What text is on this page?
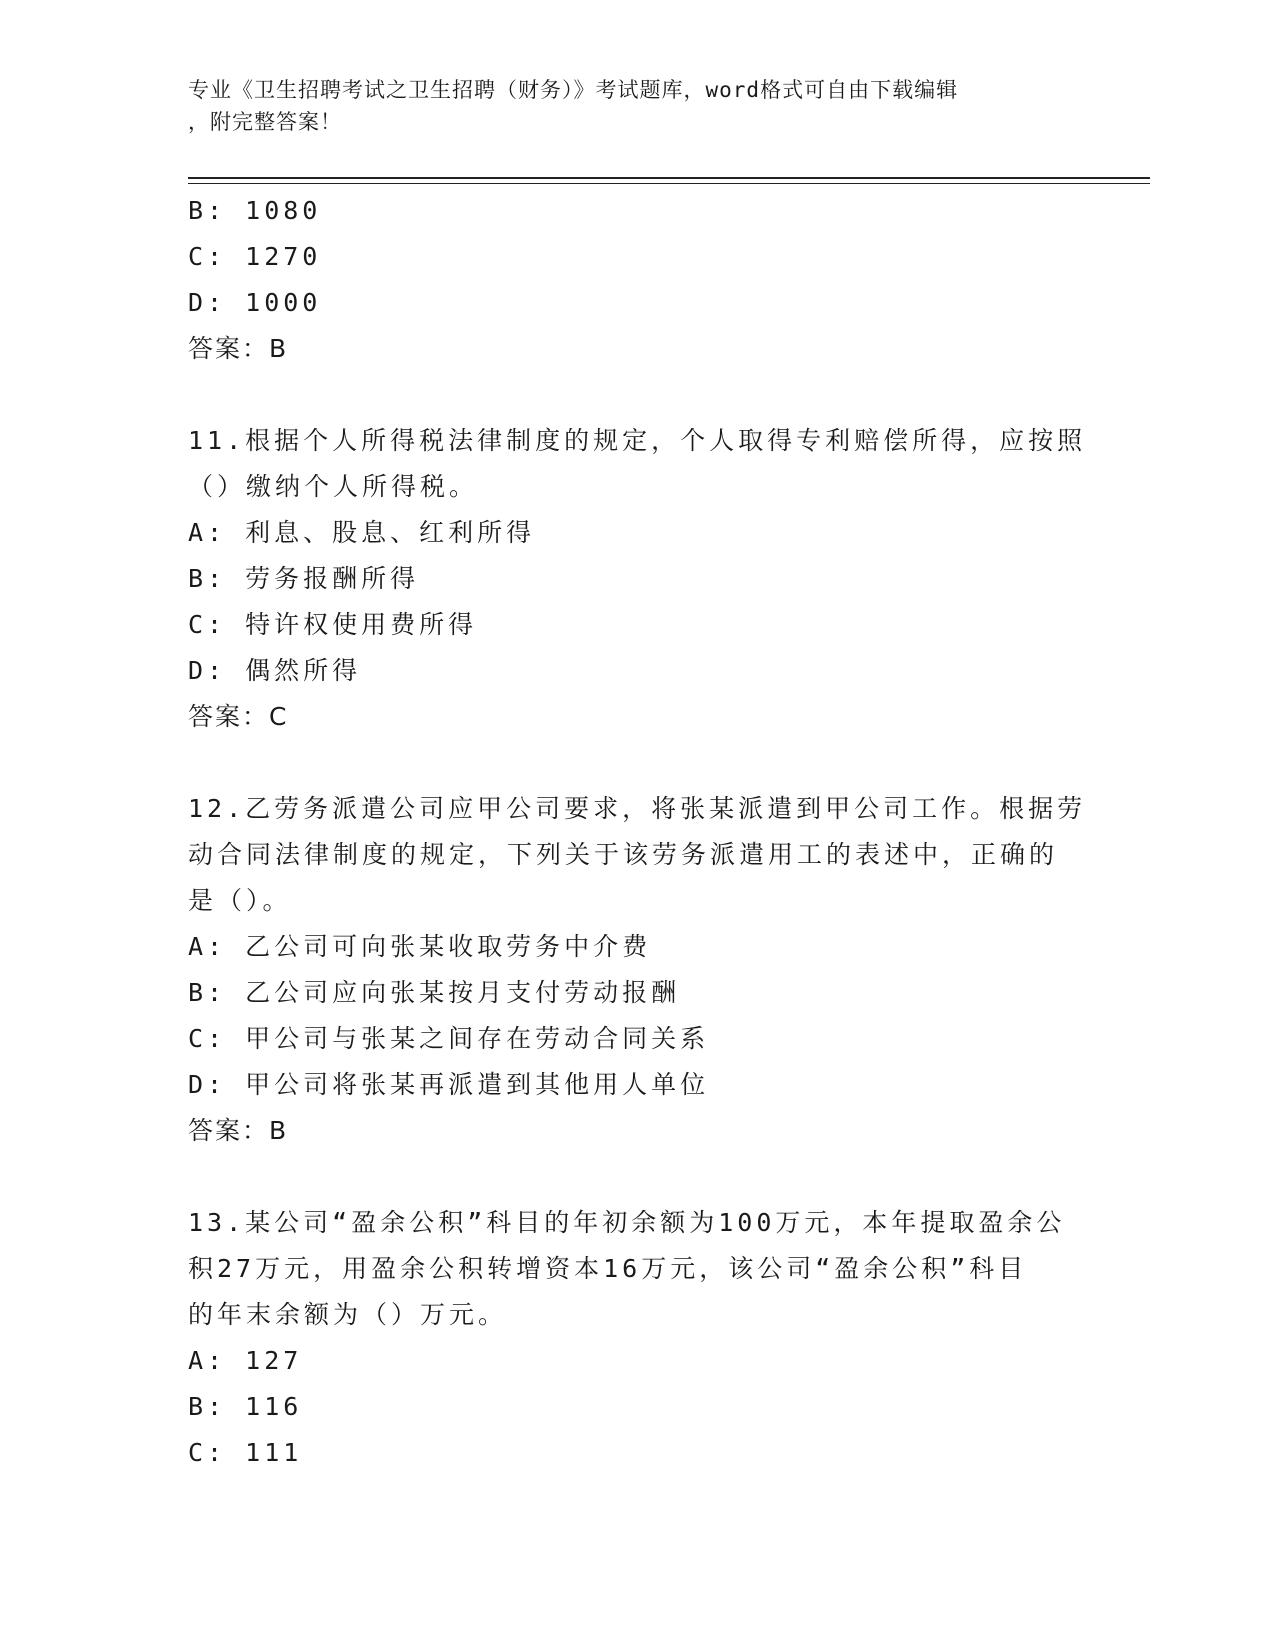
专业《卫生招聘考试之卫生招聘（财务）》考试题库，word格式可自由下载编辑
，附完整答案！
B: 1080
C: 1270
D: 1000
答案：B
11.根据个人所得税法律制度的规定，个人取得专利赔偿所得，应按照
（）缴纳个人所得税。
A: 利息、股息、红利所得
B: 劳务报酬所得
C: 特许权使用费所得
D: 偶然所得
答案：C
12.乙劳务派遣公司应甲公司要求，将张某派遣到甲公司工作。根据劳
动合同法律制度的规定，下列关于该劳务派遣用工的表述中，正确的
是（）。
A: 乙公司可向张某收取劳务中介费
B: 乙公司应向张某按月支付劳动报酬
C: 甲公司与张某之间存在劳动合同关系
D: 甲公司将张某再派遣到其他用人单位
答案：B
13.某公司“盈余公积”科目的年初余额为100万元，本年提取盈余公
积27万元，用盈余公积转增资本16万元，该公司“盈余公积”科目
的年末余额为（）万元。
A: 127
B: 116
C: 111
